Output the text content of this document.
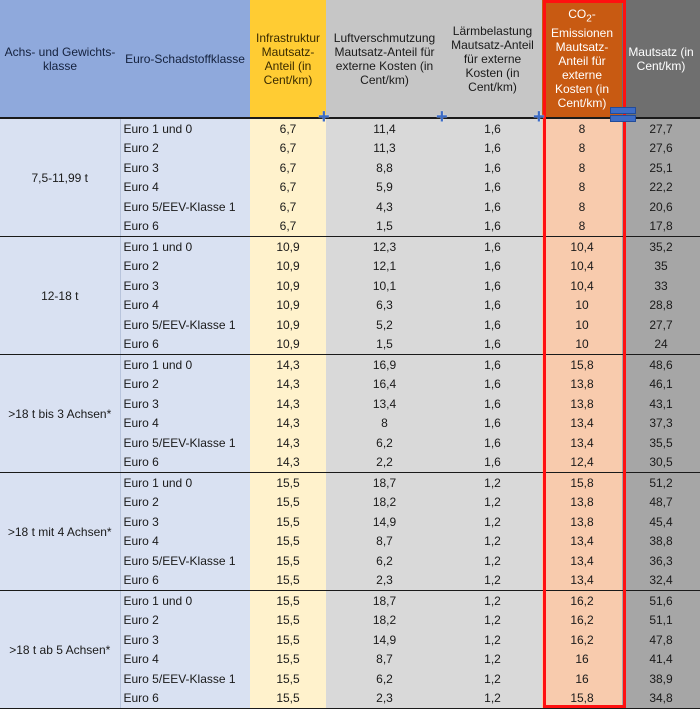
Achs- und Gewichts-klasse	Euro-Schadstoffklasse	Infrastruktur Mautsatz-Anteil (in Cent/km)	Luftverschmutzung Mautsatz-Anteil für externe Kosten (in Cent/km)	Lärmbelastung Mautsatz-Anteil für externe Kosten (in Cent/km)	$CO_2$-Emissionen Mautsatz-Anteil für externe Kosten (in Cent/km)	Mautsatz (in Cent/km)
7,5-11,99 t	Euro 1 und 0	6,7	11,4	1,6	8	27,7
	Euro 2	6,7	11,3	1,6	8	27,6
	Euro 3	6,7	8,8	1,6	8	25,1
	Euro 4	6,7	5,9	1,6	8	22,2
	Euro 5/EEV-Klasse 1	6,7	4,3	1,6	8	20,6
	Euro 6	6,7	1,5	1,6	8	17,8
12-18 t	Euro 1 und 0	10,9	12,3	1,6	10,4	35,2
	Euro 2	10,9	12,1	1,6	10,4	35
	Euro 3	10,9	10,1	1,6	10,4	33
	Euro 4	10,9	6,3	1,6	10	28,8
	Euro 5/EEV-Klasse 1	10,9	5,2	1,6	10	27,7
	Euro 6	10,9	1,5	1,6	10	24
>18 t bis 3 Achsen*	Euro 1 und 0	14,3	16,9	1,6	15,8	48,6
	Euro 2	14,3	16,4	1,6	13,8	46,1
	Euro 3	14,3	13,4	1,6	13,8	43,1
	Euro 4	14,3	8	1,6	13,4	37,3
	Euro 5/EEV-Klasse 1	14,3	6,2	1,6	13,4	35,5
	Euro 6	14,3	2,2	1,6	12,4	30,5
>18 t mit 4 Achsen*	Euro 1 und 0	15,5	18,7	1,2	15,8	51,2
	Euro 2	15,5	18,2	1,2	13,8	48,7
	Euro 3	15,5	14,9	1,2	13,8	45,4
	Euro 4	15,5	8,7	1,2	13,4	38,8
	Euro 5/EEV-Klasse 1	15,5	6,2	1,2	13,4	36,3
	Euro 6	15,5	2,3	1,2	13,4	32,4
>18 t ab 5 Achsen*	Euro 1 und 0	15,5	18,7	1,2	16,2	51,6
	Euro 2	15,5	18,2	1,2	16,2	51,1
	Euro 3	15,5	14,9	1,2	16,2	47,8
	Euro 4	15,5	8,7	1,2	16	41,4
	Euro 5/EEV-Klasse 1	15,5	6,2	1,2	16	38,9
	Euro 6	15,5	2,3	1,2	15,8	34,8
+	+	+
